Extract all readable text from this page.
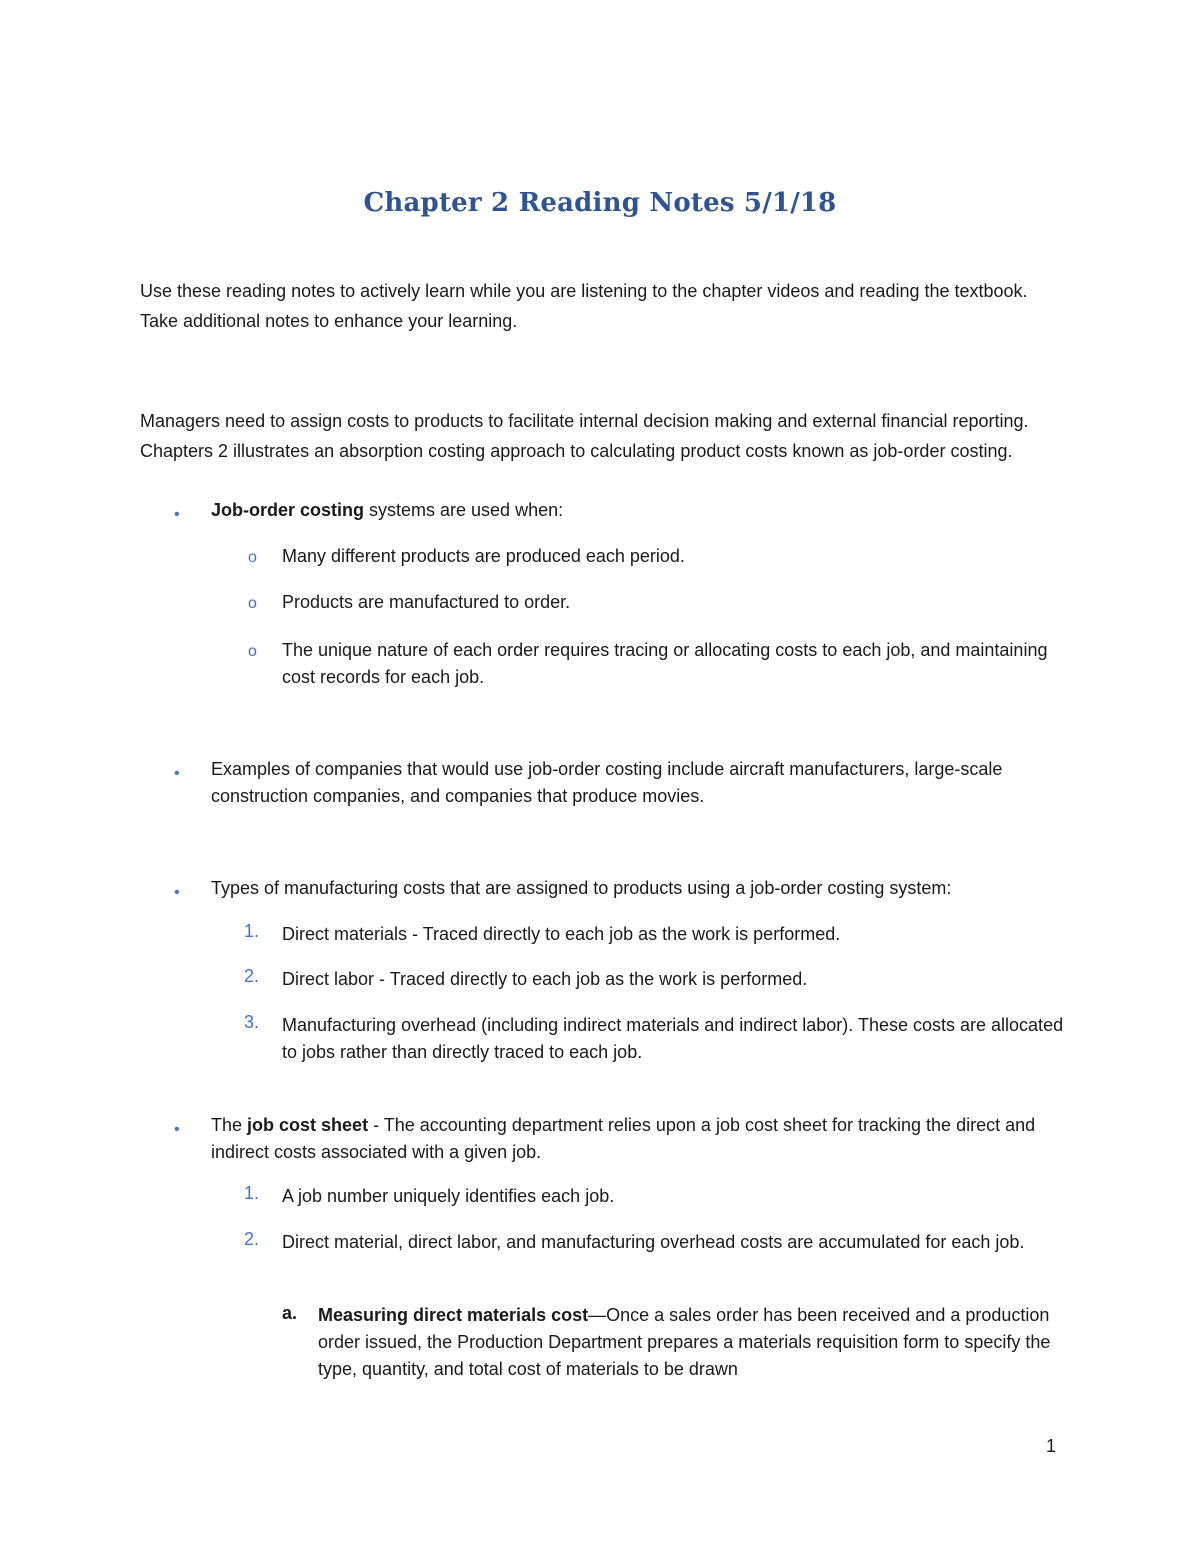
Chapter 2 Reading Notes 5/1/18

Use these reading notes to actively learn while you are listening to the chapter videos and reading the textbook. Take additional notes to enhance your learning.

Managers need to assign costs to products to facilitate internal decision making and external financial reporting. Chapters 2 illustrates an absorption costing approach to calculating product costs known as job-order costing.

• Job-order costing systems are used when:

o Many different products are produced each period.

o Products are manufactured to order.

o The unique nature of each order requires tracing or allocating costs to each job, and maintaining cost records for each job.

• Examples of companies that would use job-order costing include aircraft manufacturers, large-scale construction companies, and companies that produce movies.

• Types of manufacturing costs that are assigned to products using a job-order costing system:

1. Direct materials - Traced directly to each job as the work is performed.

2. Direct labor - Traced directly to each job as the work is performed.

3. Manufacturing overhead (including indirect materials and indirect labor). These costs are allocated to jobs rather than directly traced to each job.

• The job cost sheet - The accounting department relies upon a job cost sheet for tracking the direct and indirect costs associated with a given job.

1. A job number uniquely identifies each job.

2. Direct material, direct labor, and manufacturing overhead costs are accumulated for each job.

a. Measuring direct materials cost—Once a sales order has been received and a production order issued, the Production Department prepares a materials requisition form to specify the type, quantity, and total cost of materials to be drawn

1
